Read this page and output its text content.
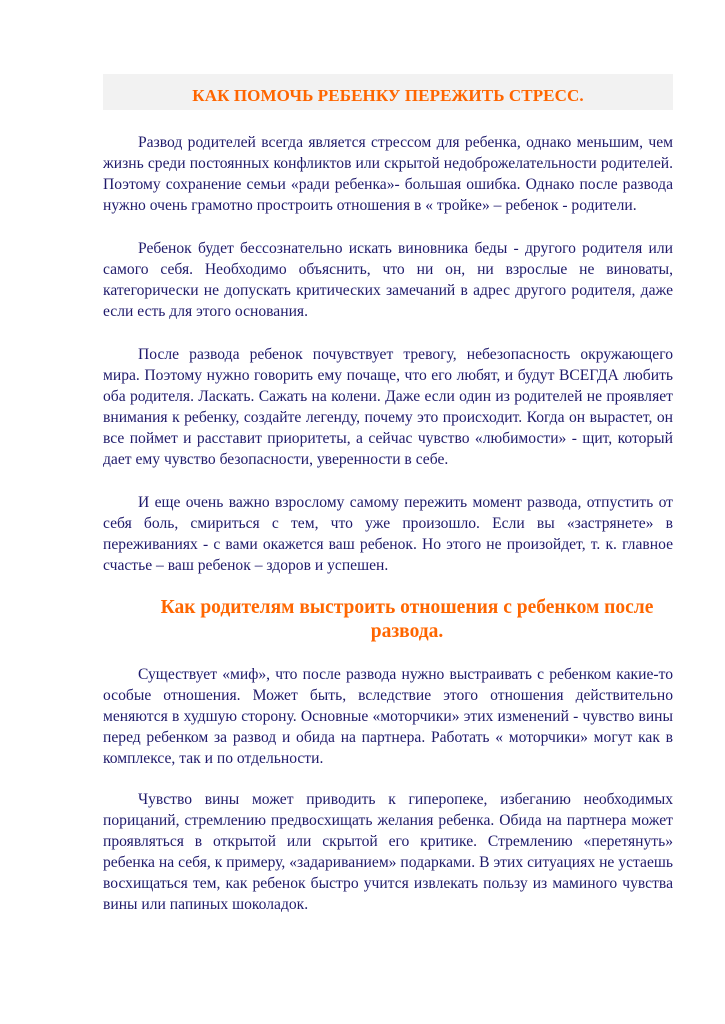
КАК ПОМОЧЬ РЕБЕНКУ ПЕРЕЖИТЬ СТРЕСС.

Развод родителей всегда является стрессом для ребенка, однако меньшим, чем жизнь среди постоянных конфликтов или скрытой недоброжелательности родителей. Поэтому сохранение семьи «ради ребенка»- большая ошибка. Однако после развода нужно очень грамотно простроить отношения в « тройке» – ребенок - родители.

Ребенок будет бессознательно искать виновника беды - другого родителя или самого себя. Необходимо объяснить, что ни он, ни взрослые не виноваты, категорически не допускать критических замечаний в адрес другого родителя, даже если есть для этого основания.

После развода ребенок почувствует тревогу, небезопасность окружающего мира. Поэтому нужно говорить ему почаще, что его любят, и будут ВСЕГДА любить оба родителя. Ласкать. Сажать на колени. Даже если один из родителей не проявляет внимания к ребенку, создайте легенду, почему это происходит. Когда он вырастет, он все поймет и расставит приоритеты, а сейчас чувство «любимости» - щит, который дает ему чувство безопасности, уверенности в себе.

И еще очень важно взрослому самому пережить момент развода, отпустить от себя боль, смириться с тем, что уже произошло. Если вы «застрянете» в переживаниях - с вами окажется ваш ребенок. Но этого не произойдет, т. к. главное счастье – ваш ребенок – здоров и успешен.

Как родителям выстроить отношения с ребенком после развода.

Существует «миф», что после развода нужно выстраивать с ребенком какие-то особые отношения. Может быть, вследствие этого отношения действительно меняются в худшую сторону. Основные «моторчики» этих изменений - чувство вины перед ребенком за развод и обида на партнера. Работать « моторчики» могут как в комплексе, так и по отдельности.

Чувство вины может приводить к гиперопеке, избеганию необходимых порицаний, стремлению предвосхищать желания ребенка. Обида на партнера может проявляться в открытой или скрытой его критике. Стремлению «перетянуть» ребенка на себя, к примеру, «задариванием» подарками. В этих ситуациях не устаешь восхищаться тем, как ребенок быстро учится извлекать пользу из маминого чувства вины или папиных шоколадок.
